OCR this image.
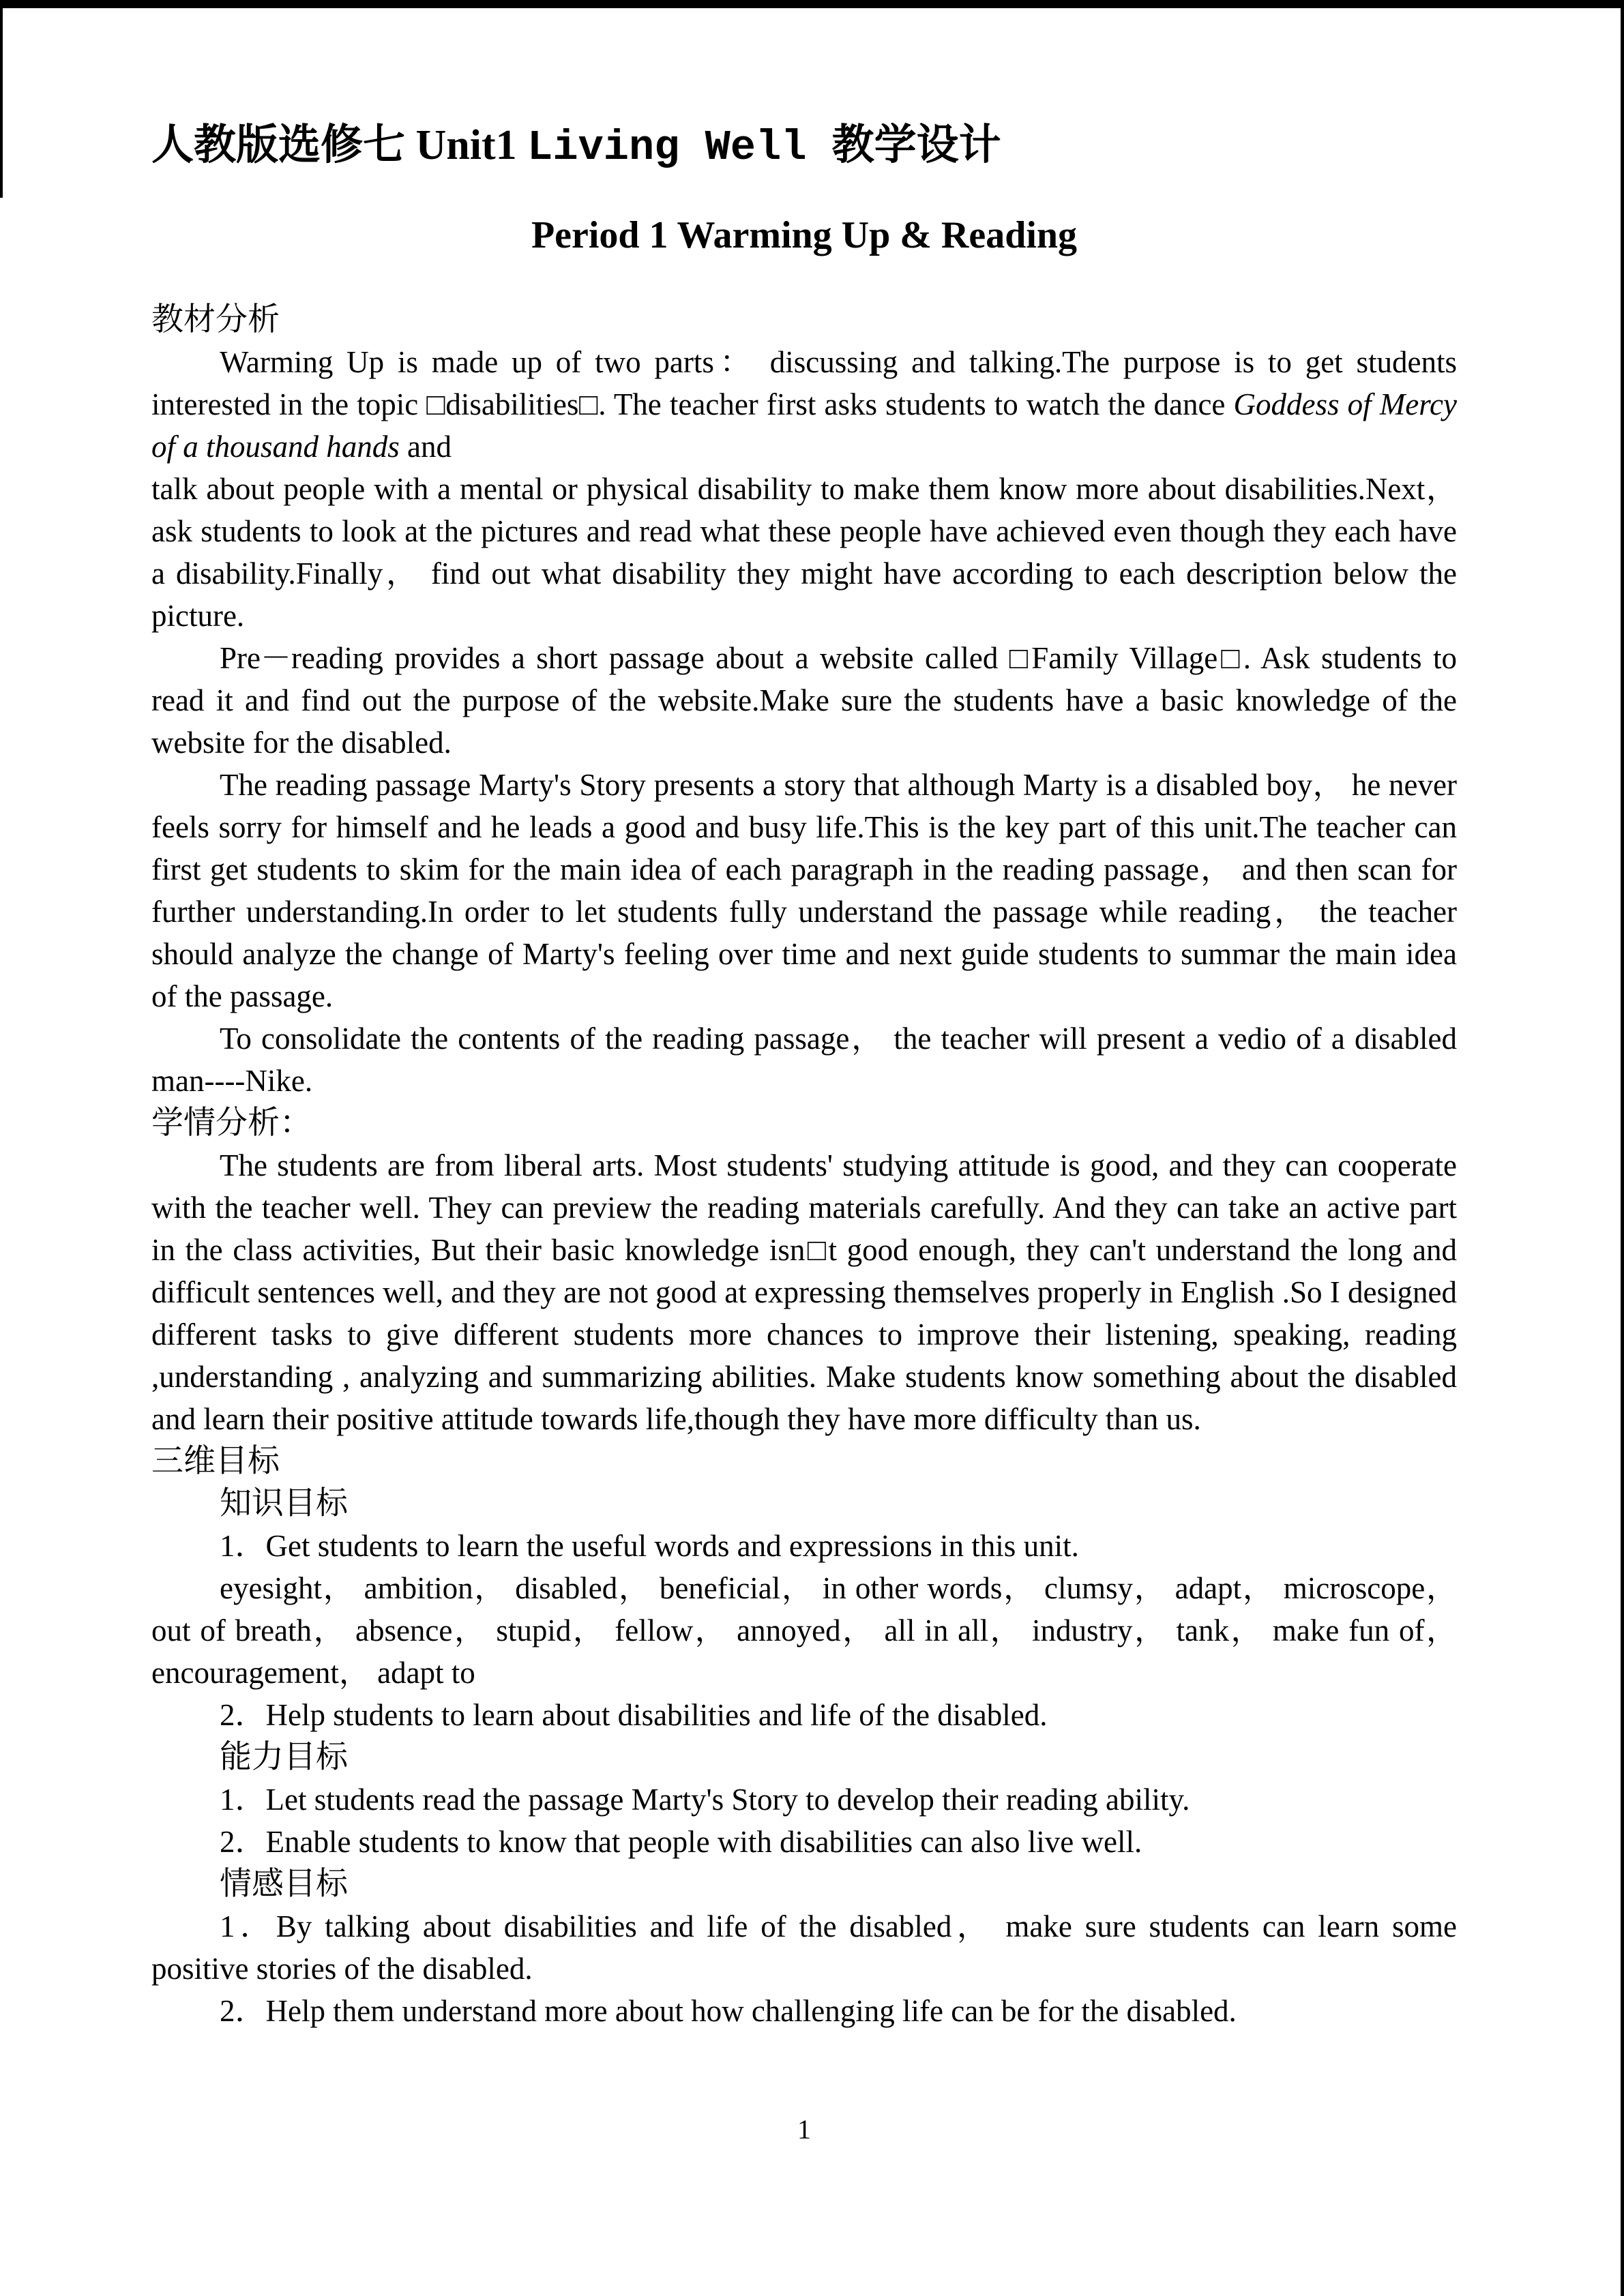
人教版选修七 Unit1 Living Well 教学设计
Period 1 Warming Up & Reading
教材分析

Warming Up is made up of two parts： discussing and talking.The purpose is to get students interested in the topic □disabilities□. The teacher first asks students to watch the dance Goddess of Mercy of a thousand hands and

talk about people with a mental or physical disability to make them know more about disabilities.Next， ask students to look at the pictures and read what these people have achieved even though they each have a disability.Finally， find out what disability they might have according to each description below the picture.

Pre－reading provides a short passage about a website called □Family Village□. Ask students to read it and find out the purpose of the website.Make sure the students have a basic knowledge of the website for the disabled.

The reading passage Marty's Story presents a story that although Marty is a disabled boy， he never feels sorry for himself and he leads a good and busy life.This is the key part of this unit.The teacher can first get students to skim for the main idea of each paragraph in the reading passage， and then scan for further understanding.In order to let students fully understand the passage while reading， the teacher should analyze the change of Marty's feeling over time and next guide students to summar the main idea of the passage.

To consolidate the contents of the reading passage， the teacher will present a vedio of a disabled man----Nike.

学情分析：

The students are from liberal arts. Most students' studying attitude is good, and they can cooperate with the teacher well. They can preview the reading materials carefully. And they can take an active part in the class activities, But their basic knowledge isn□t good enough, they can't understand the long and difficult sentences well, and they are not good at expressing themselves properly in English .So I designed different tasks to give different students more chances to improve their listening, speaking, reading ,understanding , analyzing and summarizing abilities. Make students know something about the disabled and learn their positive attitude towards life,though they have more difficulty than us.

三维目标
知识目标

1．Get students to learn the useful words and expressions in this unit.

eyesight， ambition， disabled， beneficial， in other words， clumsy， adapt， microscope， out of breath， absence， stupid， fellow， annoyed， all in all， industry， tank， make fun of， encouragement， adapt to

2．Help students to learn about disabilities and life of the disabled.

能力目标

1．Let students read the passage Marty's Story to develop their reading ability.

2．Enable students to know that people with disabilities can also live well.

情感目标

1．By talking about disabilities and life of the disabled， make sure students can learn some positive stories of the disabled.

2．Help them understand more about how challenging life can be for the disabled.

1
